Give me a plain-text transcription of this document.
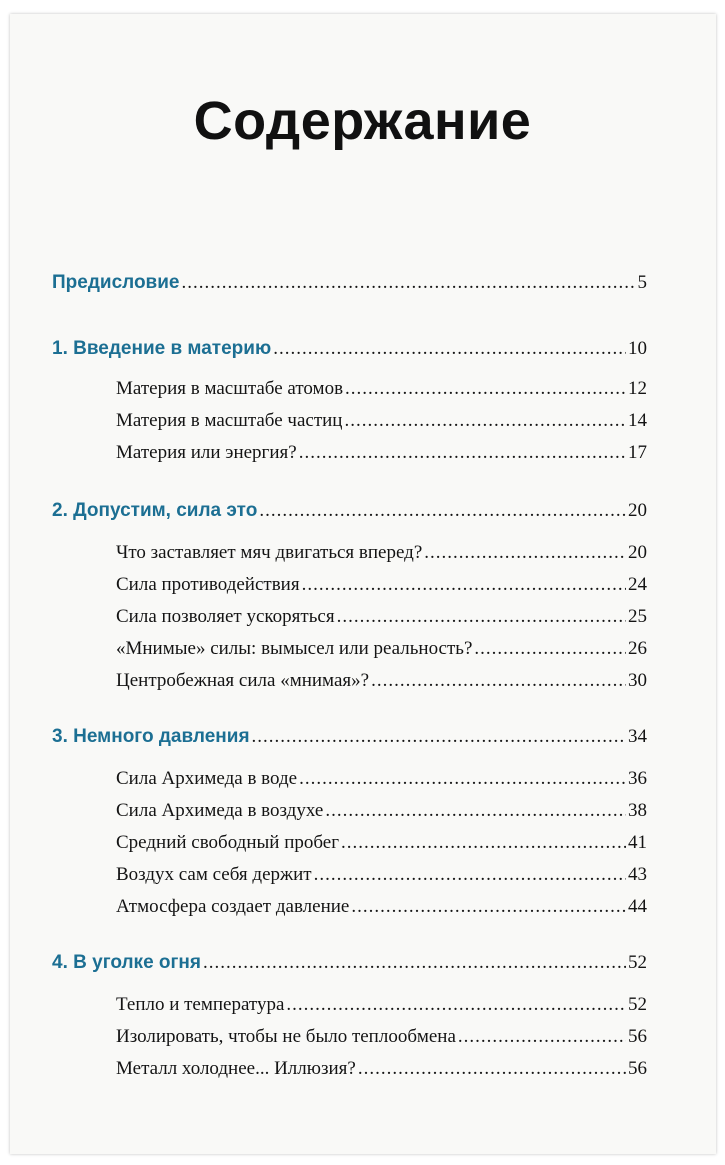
Содержание
Предисловие .....	5
1. Введение в материю .....	10
Материя в масштабе атомов .....	12
Материя в масштабе частиц .....	14
Материя или энергия? .....	17
2. Допустим, сила это .....	20
Что заставляет мяч двигаться вперед? .....	20
Сила противодействия .....	24
Сила позволяет ускоряться .....	25
«Мнимые» силы: вымысел или реальность? .....	26
Центробежная сила «мнимая»? .....	30
3. Немного давления .....	34
Сила Архимеда в воде .....	36
Сила Архимеда в воздухе .....	38
Средний свободный пробег .....	41
Воздух сам себя держит .....	43
Атмосфера создает давление .....	44
4. В уголке огня .....	52
Тепло и температура .....	52
Изолировать, чтобы не было теплообмена .....	56
Металл холоднее... Иллюзия? .....	56
